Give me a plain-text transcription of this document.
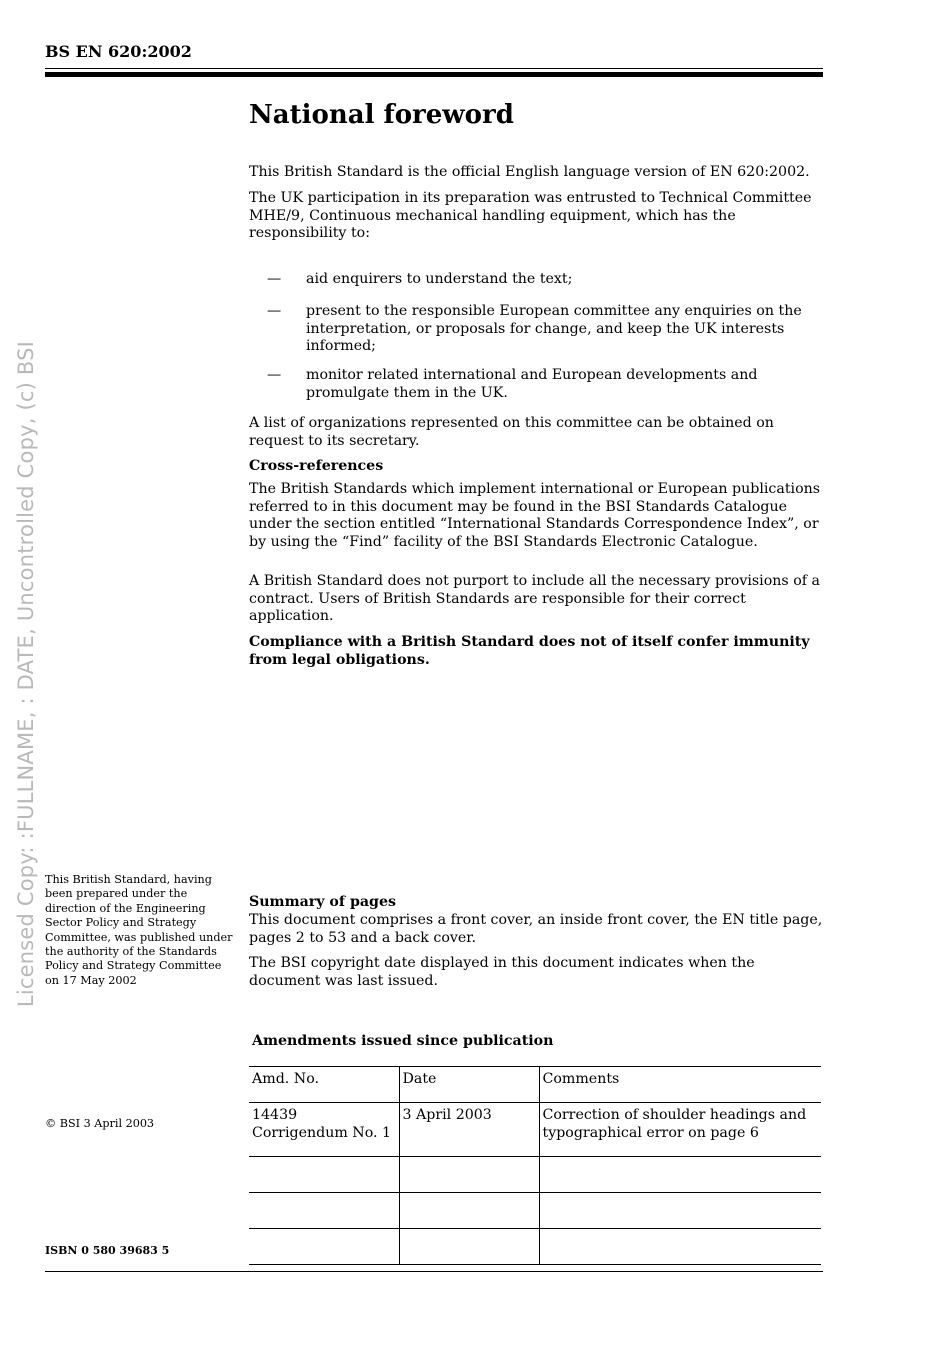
BS EN 620:2002
Licensed Copy: :FULLNAME, : DATE, Uncontrolled Copy, (c) BSI
National foreword
This British Standard is the official English language version of EN 620:2002.
The UK participation in its preparation was entrusted to Technical Committee MHE/9, Continuous mechanical handling equipment, which has the responsibility to:
— aid enquirers to understand the text;
— present to the responsible European committee any enquiries on the interpretation, or proposals for change, and keep the UK interests informed;
— monitor related international and European developments and promulgate them in the UK.
A list of organizations represented on this committee can be obtained on request to its secretary.
Cross-references
The British Standards which implement international or European publications referred to in this document may be found in the BSI Standards Catalogue under the section entitled “International Standards Correspondence Index”, or by using the “Find” facility of the BSI Standards Electronic Catalogue.
A British Standard does not purport to include all the necessary provisions of a contract. Users of British Standards are responsible for their correct application.
Compliance with a British Standard does not of itself confer immunity from legal obligations.
This British Standard, having been prepared under the direction of the Engineering Sector Policy and Strategy Committee, was published under the authority of the Standards Policy and Strategy Committee on 17 May 2002
Summary of pages
This document comprises a front cover, an inside front cover, the EN title page, pages 2 to 53 and a back cover.
The BSI copyright date displayed in this document indicates when the document was last issued.
Amendments issued since publication
Amd. No.	Date	Comments
14439 Corrigendum No. 1	3 April 2003	Correction of shoulder headings and typographical error on page 6

© BSI 3 April 2003
ISBN 0 580 39683 5
